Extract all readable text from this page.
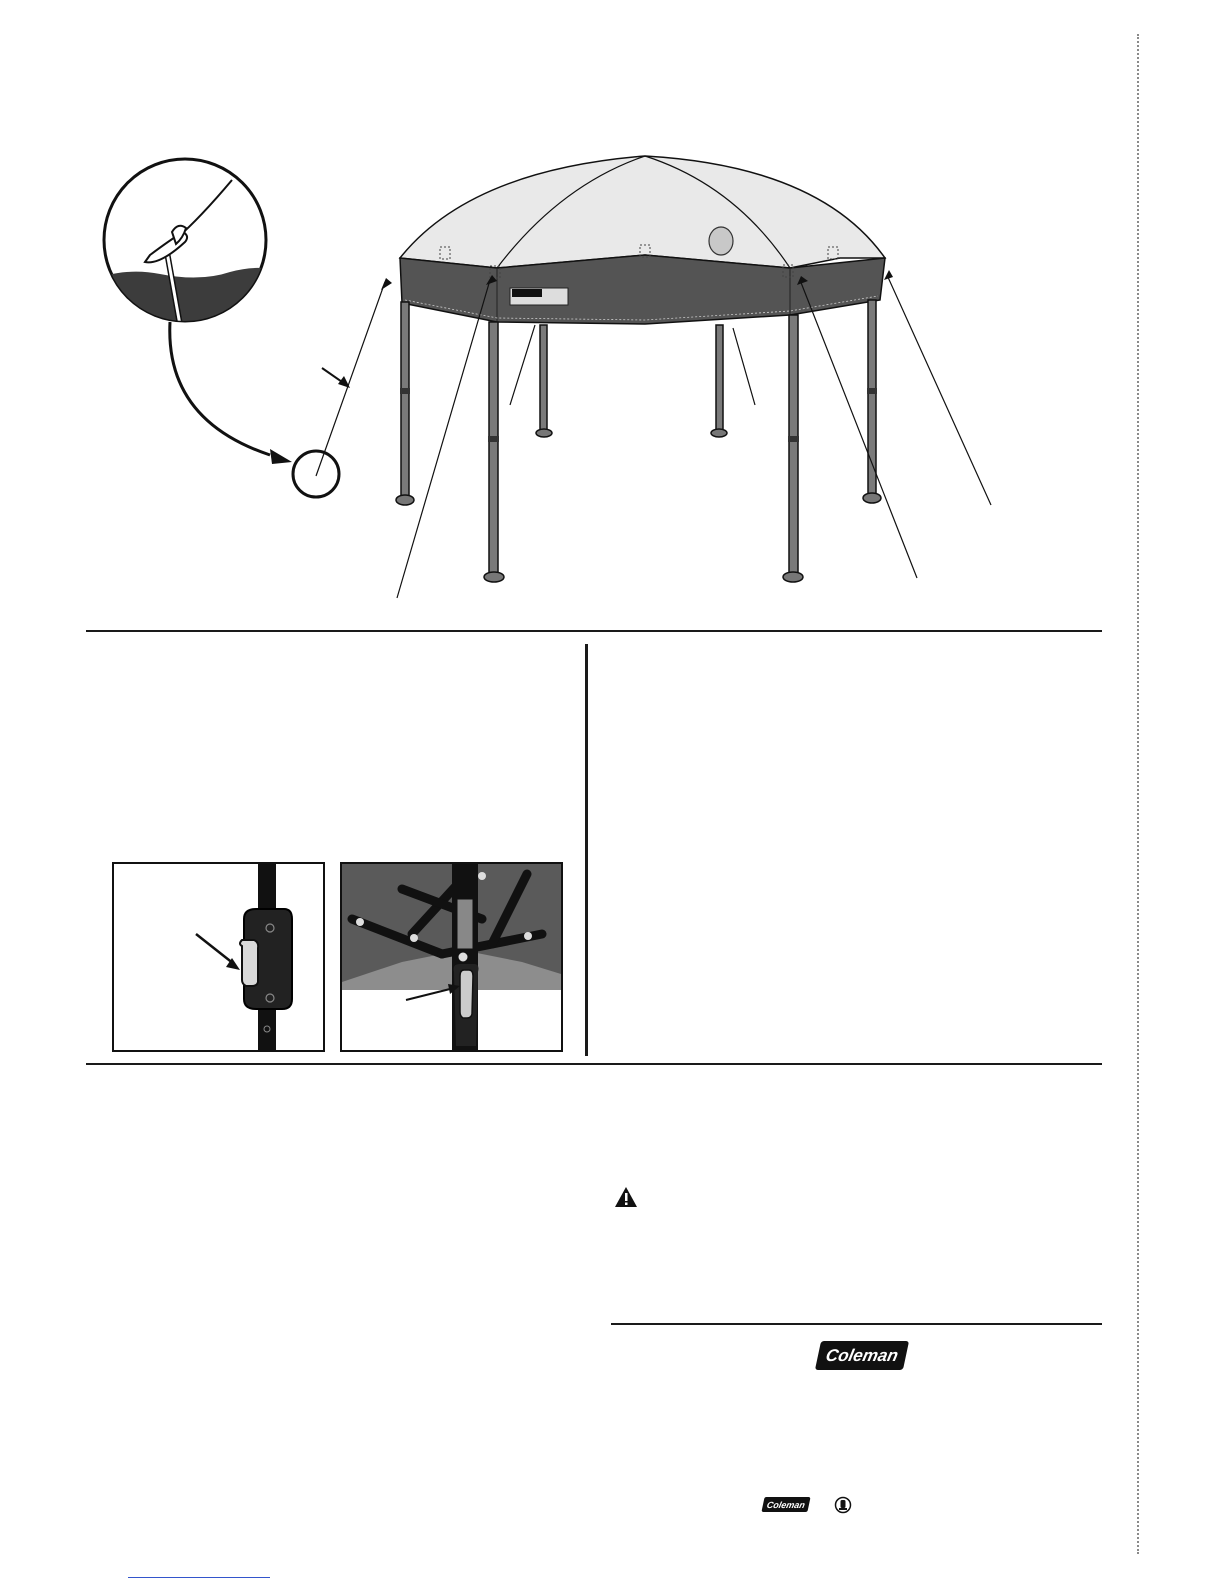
Coleman
Coleman
